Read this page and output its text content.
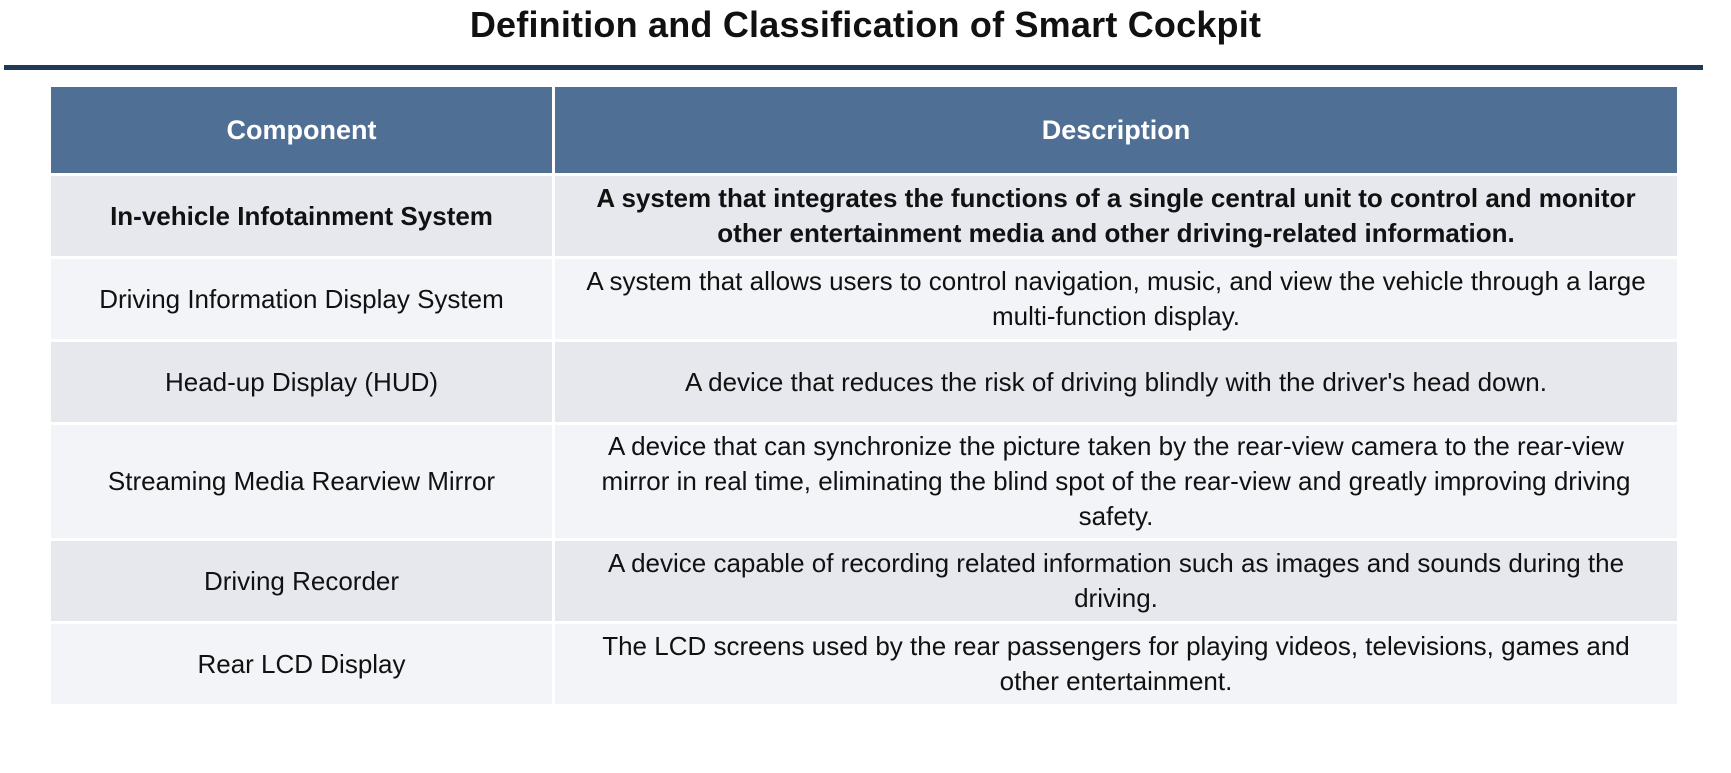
Definition and Classification of Smart Cockpit
Component	Description
In-vehicle Infotainment System	A system that integrates the functions of a single central unit to control and monitor other entertainment media and other driving-related information.
Driving Information Display System	A system that allows users to control navigation, music, and view the vehicle through a large multi-function display.
Head-up Display (HUD)	A device that reduces the risk of driving blindly with the driver's head down.
Streaming Media Rearview Mirror	A device that can synchronize the picture taken by the rear-view camera to the rear-view mirror in real time, eliminating the blind spot of the rear-view and greatly improving driving safety.
Driving Recorder	A device capable of recording related information such as images and sounds during the driving.
Rear LCD Display	The LCD screens used by the rear passengers for playing videos, televisions, games and other entertainment.
